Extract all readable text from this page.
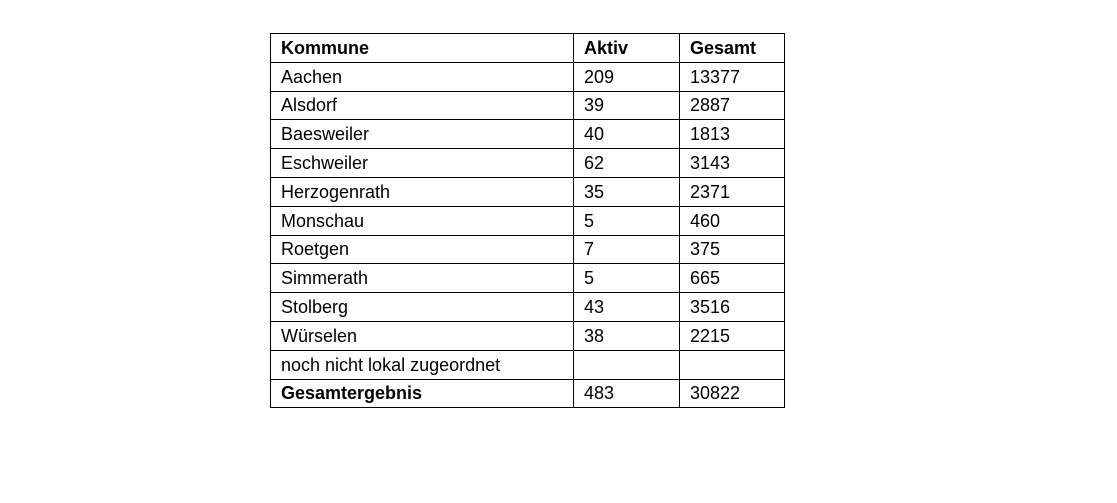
Kommune	Aktiv	Gesamt
Aachen	209	13377
Alsdorf	39	2887
Baesweiler	40	1813
Eschweiler	62	3143
Herzogenrath	35	2371
Monschau	5	460
Roetgen	7	375
Simmerath	5	665
Stolberg	43	3516
Würselen	38	2215
noch nicht lokal zugeordnet		
Gesamtergebnis	483	30822
